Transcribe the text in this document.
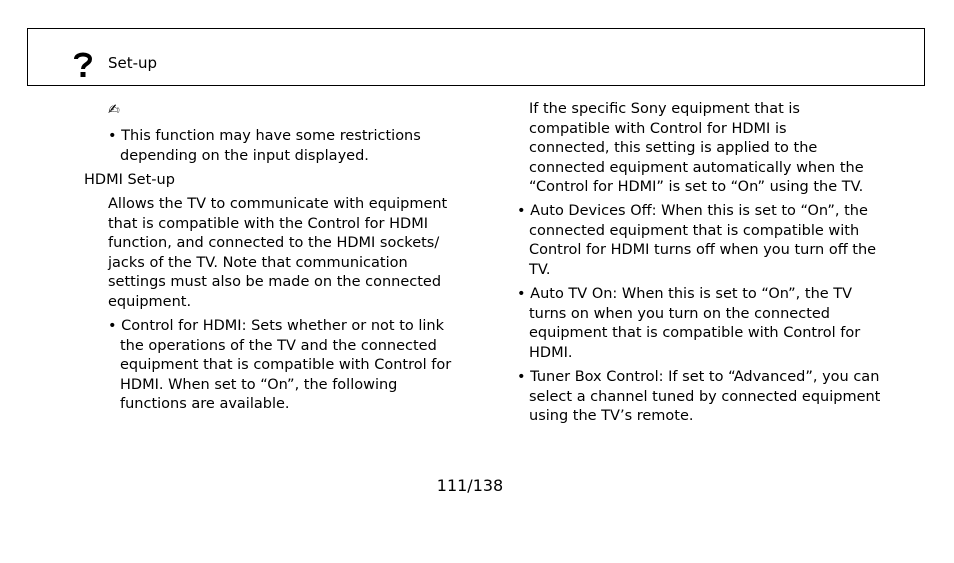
Set-up
✍
• This function may have some restrictions depending on the input displayed.
HDMI Set-up
Allows the TV to communicate with equipment that is compatible with the Control for HDMI function, and connected to the HDMI sockets/ jacks of the TV. Note that communication settings must also be made on the connected equipment.
• Control for HDMI: Sets whether or not to link the operations of the TV and the connected equipment that is compatible with Control for HDMI. When set to “On”, the following functions are available.
If the specific Sony equipment that is compatible with Control for HDMI is connected, this setting is applied to the connected equipment automatically when the “Control for HDMI” is set to “On” using the TV.
• Auto Devices Off: When this is set to “On”, the connected equipment that is compatible with Control for HDMI turns off when you turn off the TV.
• Auto TV On: When this is set to “On”, the TV turns on when you turn on the connected equipment that is compatible with Control for HDMI.
• Tuner Box Control: If set to “Advanced”, you can select a channel tuned by connected equipment using the TV’s remote.
111/138
